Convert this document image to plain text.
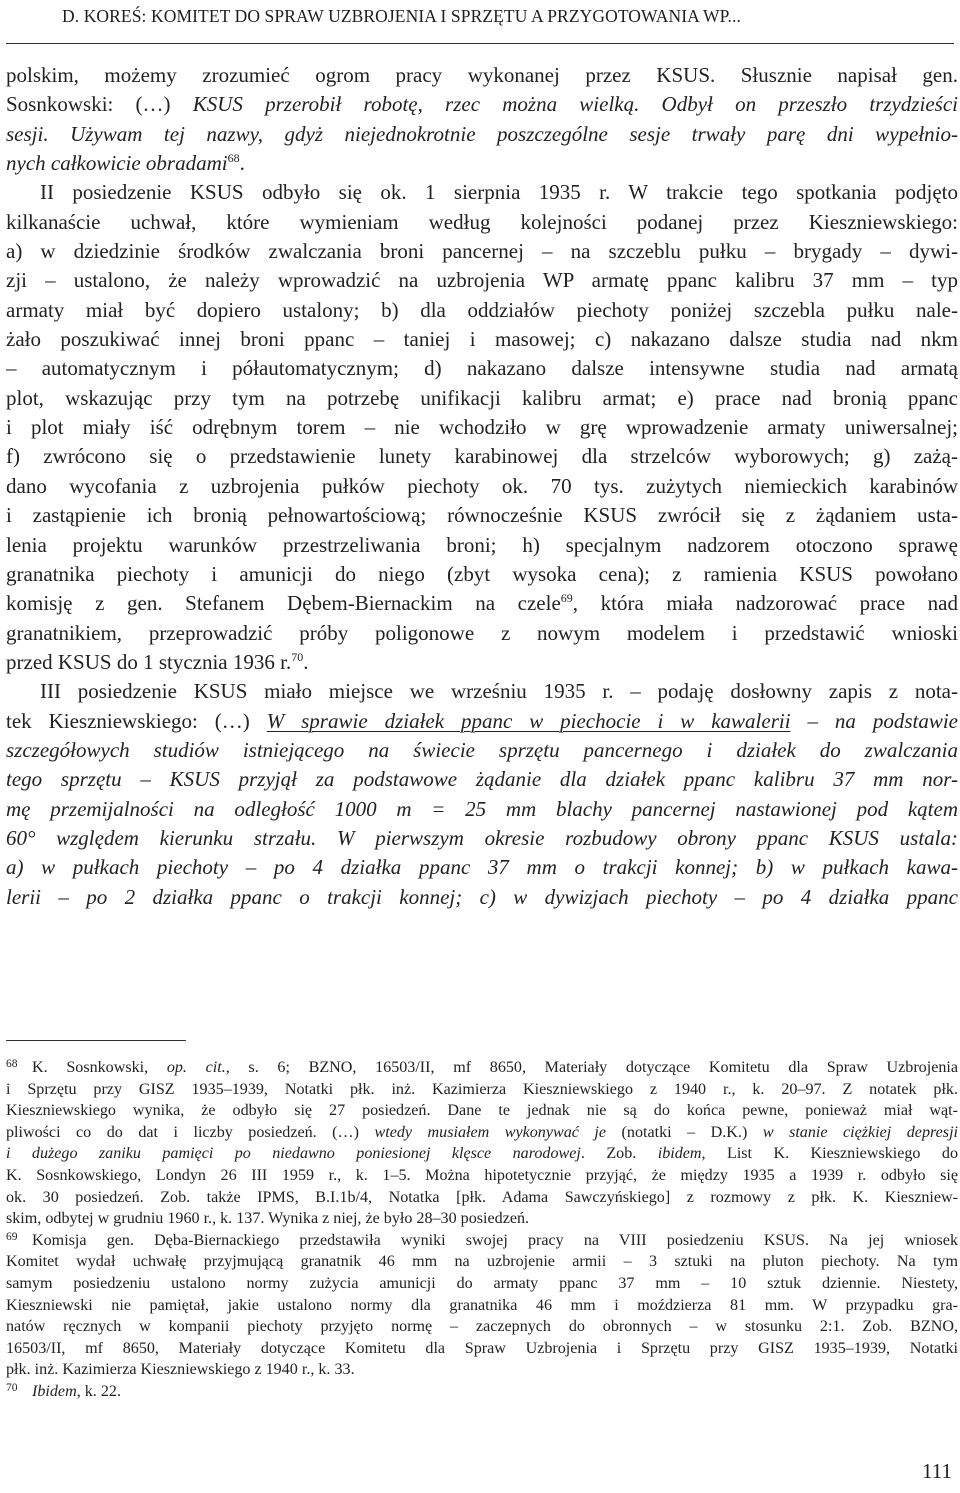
D. KOREŚ: KOMITET DO SPRAW UZBROJENIA I SPRZĘTU A PRZYGOTOWANIA WP...
polskim, możemy zrozumieć ogrom pracy wykonanej przez KSUS. Słusznie napisał gen.
Sosnkowski: (…) KSUS przerobił robotę, rzec można wielką. Odbył on przeszło trzydzieści
sesji. Używam tej nazwy, gdyż niejednokrotnie poszczególne sesje trwały parę dni wypełnio-
nych całkowicie obradami$^{68}$.
II posiedzenie KSUS odbyło się ok. 1 sierpnia 1935 r. W trakcie tego spotkania podjęto
kilkanaście uchwał, które wymieniam według kolejności podanej przez Kieszniewskiego:
a) w dziedzinie środków zwalczania broni pancernej – na szczeblu pułku – brygady – dywi-
zji – ustalono, że należy wprowadzić na uzbrojenia WP armatę ppanc kalibru 37 mm – typ
armaty miał być dopiero ustalony; b) dla oddziałów piechoty poniżej szczebla pułku nale-
żało poszukiwać innej broni ppanc – taniej i masowej; c) nakazano dalsze studia nad nkm
– automatycznym i półautomatycznym; d) nakazano dalsze intensywne studia nad armatą
plot, wskazując przy tym na potrzebę unifikacji kalibru armat; e) prace nad bronią ppanc
i plot miały iść odrębnym torem – nie wchodziło w grę wprowadzenie armaty uniwersalnej;
f) zwrócono się o przedstawienie lunety karabinowej dla strzelców wyborowych; g) zażą-
dano wycofania z uzbrojenia pułków piechoty ok. 70 tys. zużytych niemieckich karabinów
i zastąpienie ich bronią pełnowartościową; równocześnie KSUS zwrócił się z żądaniem usta-
lenia projektu warunków przestrzeliwania broni; h) specjalnym nadzorem otoczono sprawę
granatnika piechoty i amunicji do niego (zbyt wysoka cena); z ramienia KSUS powołano
komisję z gen. Stefanem Dębem-Biernackim na czele$^{69}$, która miała nadzorować prace nad
granatnikiem, przeprowadzić próby poligonowe z nowym modelem i przedstawić wnioski
przed KSUS do 1 stycznia 1936 r.$^{70}$.
III posiedzenie KSUS miało miejsce we wrześniu 1935 r. – podaję dosłowny zapis z nota-
tek Kieszniewskiego: (…) W sprawie działek ppanc w piechocie i w kawalerii – na podstawie
szczegółowych studiów istniejącego na świecie sprzętu pancernego i działek do zwalczania
tego sprzętu – KSUS przyjął za podstawowe żądanie dla działek ppanc kalibru 37 mm nor-
mę przemijalności na odległość 1000 m = 25 mm blachy pancernej nastawionej pod kątem
60° względem kierunku strzału. W pierwszym okresie rozbudowy obrony ppanc KSUS ustala:
a) w pułkach piechoty – po 4 działka ppanc 37 mm o trakcji konnej; b) w pułkach kawa-
lerii – po 2 działka ppanc o trakcji konnej; c) w dywizjach piechoty – po 4 działka ppanc
68 K. Sosnkowski, op. cit., s. 6; BZNO, 16503/II, mf 8650, Materiały dotyczące Komitetu dla Spraw Uzbrojenia
i Sprzętu przy GISZ 1935–1939, Notatki płk. inż. Kazimierza Kieszniewskiego z 1940 r., k. 20–97. Z notatek płk.
Kieszniewskiego wynika, że odbyło się 27 posiedzeń. Dane te jednak nie są do końca pewne, ponieważ miał wąt-
pliwości co do dat i liczby posiedzeń. (…) wtedy musiałem wykonywać je (notatki – D.K.) w stanie ciężkiej depresji
i dużego zaniku pamięci po niedawno poniesionej klęsce narodowej. Zob. ibidem, List K. Kieszniewskiego do
K. Sosnkowskiego, Londyn 26 III 1959 r., k. 1–5. Można hipotetycznie przyjąć, że między 1935 a 1939 r. odbyło się
ok. 30 posiedzeń. Zob. także IPMS, B.I.1b/4, Notatka [płk. Adama Sawczyńskiego] z rozmowy z płk. K. Kieszniew-
skim, odbytej w grudniu 1960 r., k. 137. Wynika z niej, że było 28–30 posiedzeń.
69 Komisja gen. Dęba-Biernackiego przedstawiła wyniki swojej pracy na VIII posiedzeniu KSUS. Na jej wniosek
Komitet wydał uchwałę przyjmującą granatnik 46 mm na uzbrojenie armii – 3 sztuki na pluton piechoty. Na tym
samym posiedzeniu ustalono normy zużycia amunicji do armaty ppanc 37 mm – 10 sztuk dziennie. Niestety,
Kieszniewski nie pamiętał, jakie ustalono normy dla granatnika 46 mm i moździerza 81 mm. W przypadku gra-
natów ręcznych w kompanii piechoty przyjęto normę – zaczepnych do obronnych – w stosunku 2:1. Zob. BZNO,
16503/II, mf 8650, Materiały dotyczące Komitetu dla Spraw Uzbrojenia i Sprzętu przy GISZ 1935–1939, Notatki
płk. inż. Kazimierza Kieszniewskiego z 1940 r., k. 33.
70 Ibidem, k. 22.
111
